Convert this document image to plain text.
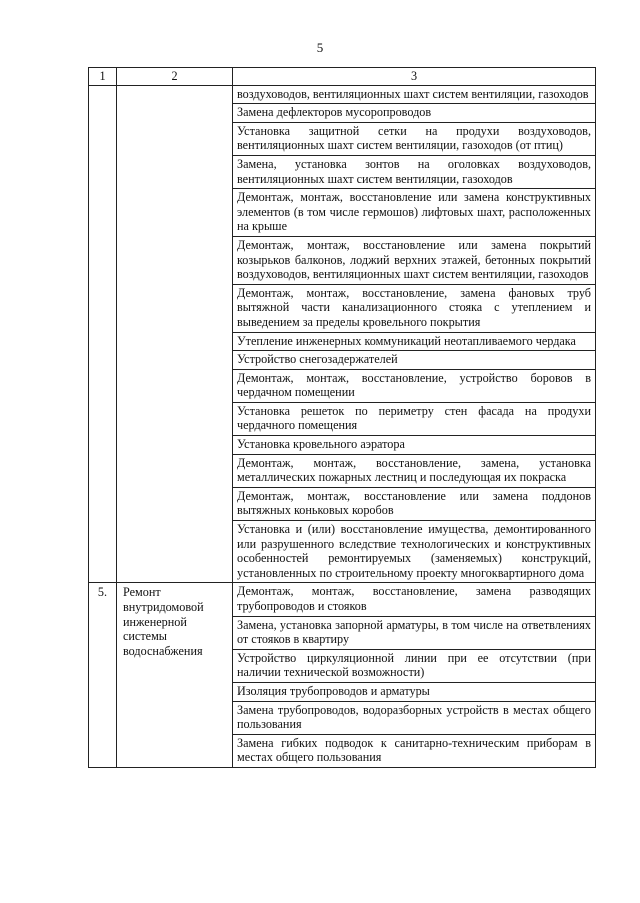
5
1	2	3
		воздуховодов, вентиляционных шахт систем вентиляции, газоходов
		Замена дефлекторов мусоропроводов
		Установка защитной сетки на продухи воздуховодов, вентиляционных шахт систем вентиляции, газоходов (от птиц)
		Замена, установка зонтов на оголовках воздуховодов, вентиляционных шахт систем вентиляции, газоходов
		Демонтаж, монтаж, восстановление или замена конструктивных элементов (в том числе гермошов) лифтовых шахт, расположенных на крыше
		Демонтаж, монтаж, восстановление или замена покрытий козырьков балконов, лоджий верхних этажей, бетонных покрытий воздуховодов, вентиляционных шахт систем вентиляции, газоходов
		Демонтаж, монтаж, восстановление, замена фановых труб вытяжной части канализационного стояка с утеплением и выведением за пределы кровельного покрытия
		Утепление инженерных коммуникаций неотапливаемого чердака
		Устройство снегозадержателей
		Демонтаж, монтаж, восстановление, устройство боровов в чердачном помещении
		Установка решеток по периметру стен фасада на продухи чердачного помещения
		Установка кровельного аэратора
		Демонтаж, монтаж, восстановление, замена, установка металлических пожарных лестниц и последующая их покраска
		Демонтаж, монтаж, восстановление или замена поддонов вытяжных коньковых коробов
		Установка и (или) восстановление имущества, демонтированного или разрушенного вследствие технологических и конструктивных особенностей ремонтируемых (заменяемых) конструкций, установленных по строительному проекту многоквартирного дома
5.	Ремонт внутридомовой инженерной системы водоснабжения	Демонтаж, монтаж, восстановление, замена разводящих трубопроводов и стояков
		Замена, установка запорной арматуры, в том числе на ответвлениях от стояков в квартиру
		Устройство циркуляционной линии при ее отсутствии (при наличии технической возможности)
		Изоляция трубопроводов и арматуры
		Замена трубопроводов, водоразборных устройств в местах общего пользования
		Замена гибких подводок к санитарно-техническим приборам в местах общего пользования
